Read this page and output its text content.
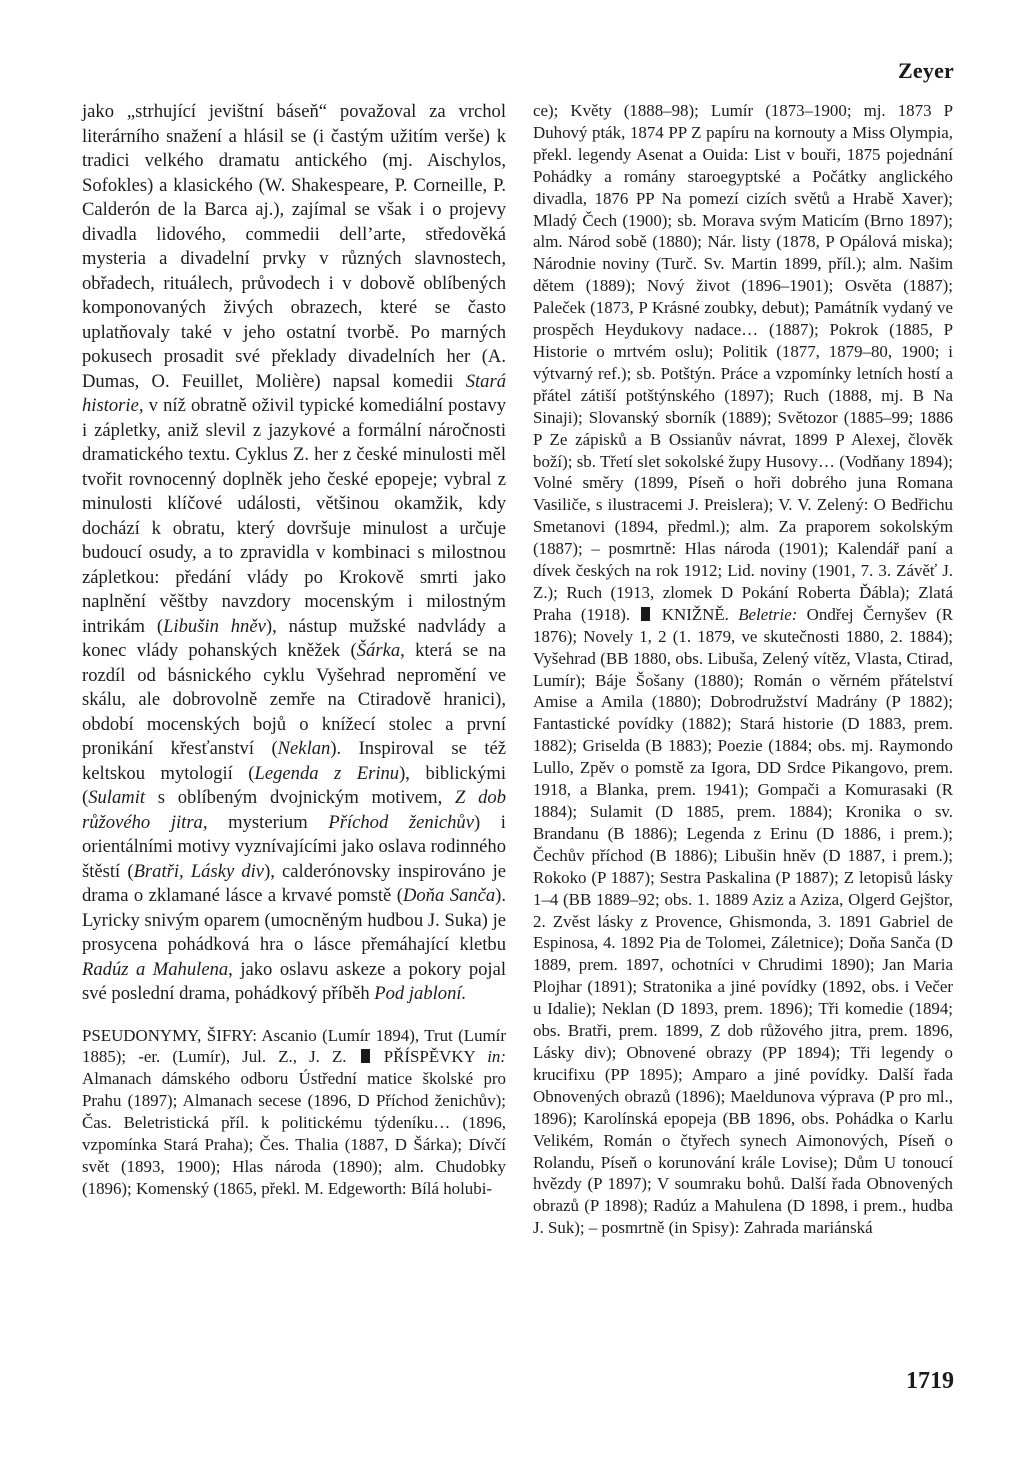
Zeyer

jako „strhující jevištní báseň“ považoval za vrchol literárního snažení a hlásil se (i častým užitím verše) k tradici velkého dramatu antického (mj. Aischylos, Sofokles) a klasického (W. Shakespeare, P. Corneille, P. Calderón de la Barca aj.), zajímal se však i o projevy divadla lidového, commedii dell’arte, středověká mysteria a divadelní prvky v různých slavnostech, obřadech, rituálech, průvodech i v dobově oblíbených komponovaných živých obrazech, které se často uplatňovaly také v jeho ostatní tvorbě. Po marných pokusech prosadit své překlady divadelních her (A. Dumas, O. Feuillet, Molière) napsal komedii Stará historie, v níž obratně oživil typické komediální postavy i zápletky, aniž slevil z jazykové a formální náročnosti dramatického textu. Cyklus Z. her z české minulosti měl tvořit rovnocenný doplněk jeho české epopeje; vybral z minulosti klíčové události, většinou okamžik, kdy dochází k obratu, který dovršuje minulost a určuje budoucí osudy, a to zpravidla v kombinaci s milostnou zápletkou: předání vlády po Krokově smrti jako naplnění věštby navzdory mocenským i milostným intrikám (Libušin hněv), nástup mužské nadvlády a konec vlády pohanských kněžek (Šárka, která se na rozdíl od básnického cyklu Vyšehrad nepromění ve skálu, ale dobrovolně zemře na Ctiradově hranici), období mocenských bojů o knížecí stolec a první pronikání křesťanství (Neklan). Inspiroval se též keltskou mytologií (Legenda z Erinu), biblickými (Sulamit s oblíbeným dvojnickým motivem, Z dob růžového jitra, mysterium Příchod ženichův) i orientálními motivy vyznívajícími jako oslava rodinného štěstí (Bratři, Lásky div), calderónovsky inspirováno je drama o zklamané lásce a krvavé pomstě (Doňa Sanča). Lyricky snivým oparem (umocněným hudbou J. Suka) je prosycena pohádková hra o lásce přemáhající kletbu Radúz a Mahulena, jako oslavu askeze a pokory pojal své poslední drama, pohádkový příběh Pod jabloní.

PSEUDONYMY, ŠIFRY: Ascanio (Lumír 1894), Trut (Lumír 1885); -er. (Lumír), Jul. Z., J. Z.  PŘÍSPĚVKY in: Almanach dámského odboru Ústřední matice školské pro Prahu (1897); Almanach secese (1896, D Příchod ženichův); Čas. Beletristická příl. k politickému týdeníku… (1896, vzpomínka Stará Praha); Čes. Thalia (1887, D Šárka); Dívčí svět (1893, 1900); Hlas národa (1890); alm. Chudobky (1896); Komenský (1865, překl. M. Edgeworth: Bílá holubi-

ce); Květy (1888–98); Lumír (1873–1900; mj. 1873 P Duhový pták, 1874 PP Z papíru na kornouty a Miss Olympia, překl. legendy Asenat a Ouida: List v bouři, 1875 pojednání Pohádky a romány staroegyptské a Počátky anglického divadla, 1876 PP Na pomezí cizích světů a Hrabě Xaver); Mladý Čech (1900); sb. Morava svým Maticím (Brno 1897); alm. Národ sobě (1880); Nár. listy (1878, P Opálová miska); Národnie noviny (Turč. Sv. Martin 1899, příl.); alm. Našim dětem (1889); Nový život (1896–1901); Osvěta (1887); Paleček (1873, P Krásné zoubky, debut); Památník vydaný ve prospěch Heydukovy nadace… (1887); Pokrok (1885, P Historie o mrtvém oslu); Politik (1877, 1879–80, 1900; i výtvarný ref.); sb. Potštýn. Práce a vzpomínky letních hostí a přátel zátiší potštýnského (1897); Ruch (1888, mj. B Na Sinaji); Slovanský sborník (1889); Světozor (1885–99; 1886 P Ze zápisků a B Ossianův návrat, 1899 P Alexej, člověk boží); sb. Třetí slet sokolské župy Husovy… (Vodňany 1894); Volné směry (1899, Píseň o hoři dobrého juna Romana Vasiliče, s ilustracemi J. Preislera); V. V. Zelený: O Bedřichu Smetanovi (1894, předml.); alm. Za praporem sokolským (1887); – posmrtně: Hlas národa (1901); Kalendář paní a dívek českých na rok 1912; Lid. noviny (1901, 7. 3. Závěť J. Z.); Ruch (1913, zlomek D Pokání Roberta Ďábla); Zlatá Praha (1918).  KNIŽNĚ. Beletrie: Ondřej Černyšev (R 1876); Novely 1, 2 (1. 1879, ve skutečnosti 1880, 2. 1884); Vyšehrad (BB 1880, obs. Libuša, Zelený vítěz, Vlasta, Ctirad, Lumír); Báje Šošany (1880); Román o věrném přátelství Amise a Amila (1880); Dobrodružství Madrány (P 1882); Fantastické povídky (1882); Stará historie (D 1883, prem. 1882); Griselda (B 1883); Poezie (1884; obs. mj. Raymondo Lullo, Zpěv o pomstě za Igora, DD Srdce Pikangovo, prem. 1918, a Blanka, prem. 1941); Gompači a Komurasaki (R 1884); Sulamit (D 1885, prem. 1884); Kronika o sv. Brandanu (B 1886); Legenda z Erinu (D 1886, i prem.); Čechův příchod (B 1886); Libušin hněv (D 1887, i prem.); Rokoko (P 1887); Sestra Paskalina (P 1887); Z letopisů lásky 1–4 (BB 1889–92; obs. 1. 1889 Aziz a Aziza, Olgerd Gejštor, 2. Zvěst lásky z Provence, Ghismonda, 3. 1891 Gabriel de Espinosa, 4. 1892 Pia de Tolomei, Záletnice); Doňa Sanča (D 1889, prem. 1897, ochotníci v Chrudimi 1890); Jan Maria Plojhar (1891); Stratonika a jiné povídky (1892, obs. i Večer u Idalie); Neklan (D 1893, prem. 1896); Tři komedie (1894; obs. Bratři, prem. 1899, Z dob růžového jitra, prem. 1896, Lásky div); Obnovené obrazy (PP 1894); Tři legendy o krucifixu (PP 1895); Amparo a jiné povídky. Další řada Obnovených obrazů (1896); Maeldunova výprava (P pro ml., 1896); Karolínská epopeja (BB 1896, obs. Pohádka o Karlu Velikém, Román o čtyřech synech Aimonových, Píseň o Rolandu, Píseň o korunování krále Lovise); Dům U tonoucí hvězdy (P 1897); V soumraku bohů. Další řada Obnovených obrazů (P 1898); Radúz a Mahulena (D 1898, i prem., hudba J. Suk); – posmrtně (in Spisy): Zahrada mariánská

1719
